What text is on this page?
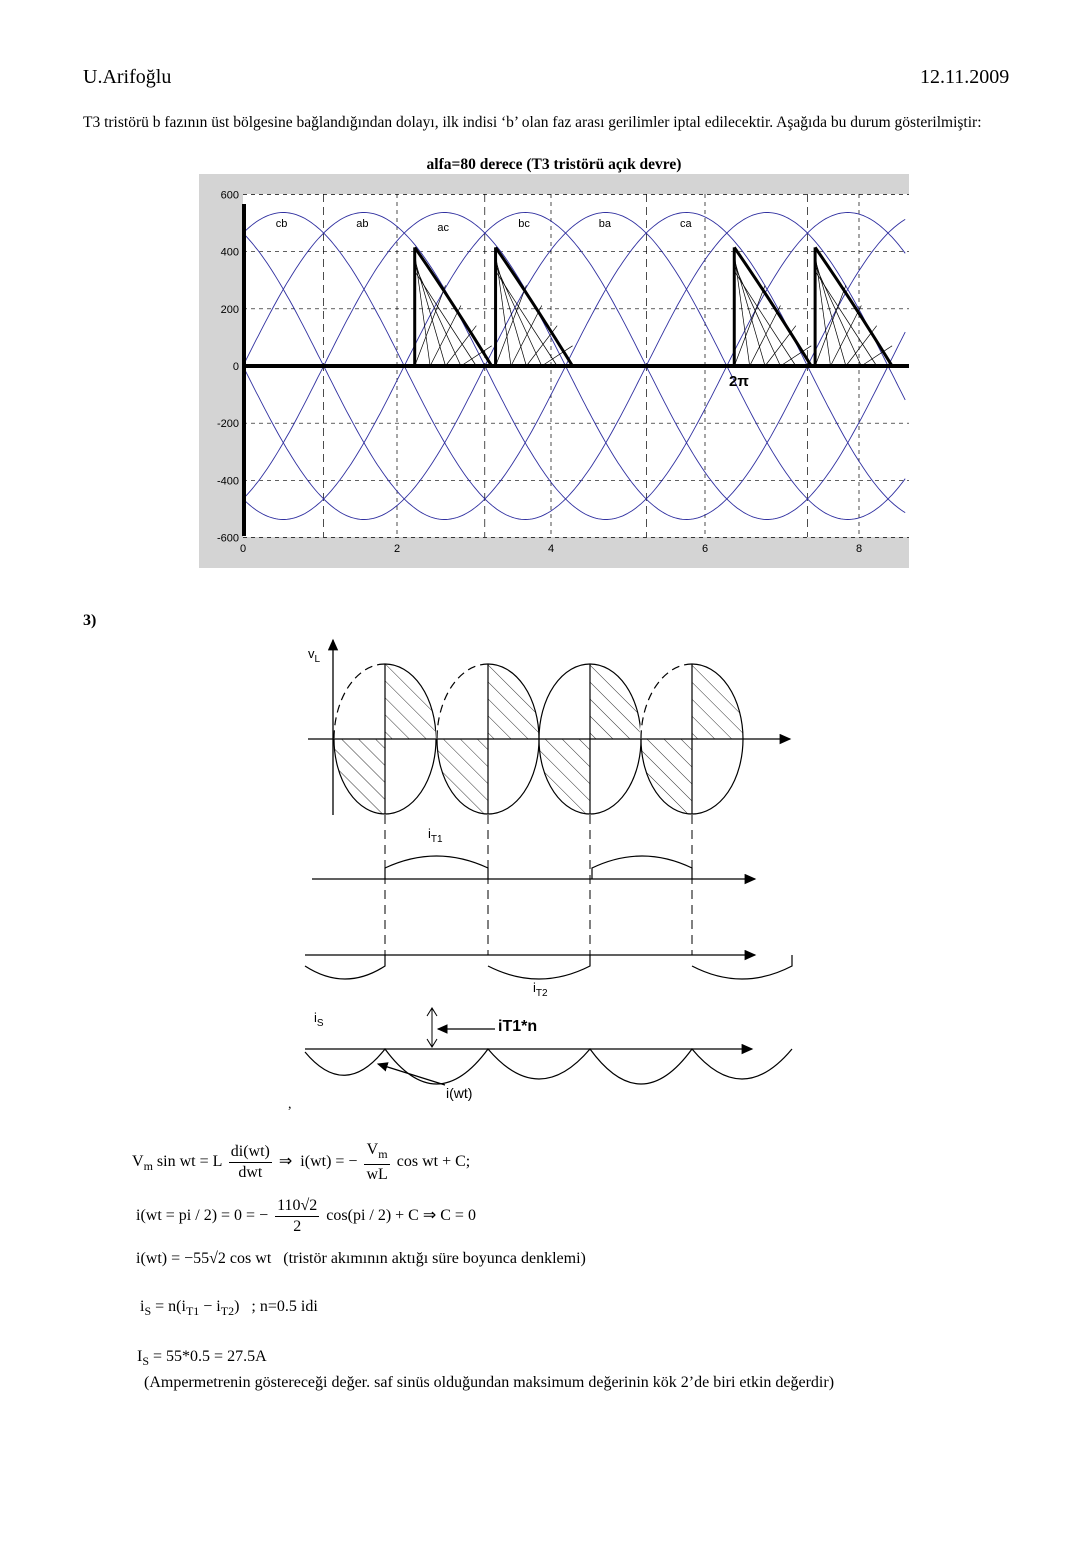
U.Arifoğlu	12.11.2009
T3 tristörü b fazının üst bölgesine bağlandığından dolayı, ilk indisi ‘b’ olan faz arası gerilimler iptal edilecektir. Aşağıda bu durum gösterilmiştir:
alfa=80 derece (T3 tristörü açık devre)
600
400
200
0
-200
-400
-600
0	2	4	6	8
cb	ab	ac	bc	ba	ca
2π
3)
$v_L$
$i_{T1}$
$i_{T2}$
$i_S$	iT1*n
i(wt)
,
$V_m$ sin wt = L $\frac{di(wt)}{\text{dwt}}$ ⇒ i(wt) = − $\frac{V_m}{wL}$ cos wt + C;
i(wt = pi / 2) = 0 = − $\frac{110√2}{2} \cos(pi / 2) + C$ ⇒ C = 0
i(wt) = −55√2 cos wt (tristör akımının aktığı süre boyunca denklemi)
$i_S = n(i_{T1} - i_{T2})$ ; n=0.5 idi
$I_S = 55*0.5 = 27.5A$
(Ampermetrenin göstereceği değer. saf sinüs olduğundan maksimum değerinin kök 2’de biri etkin değerdir)
